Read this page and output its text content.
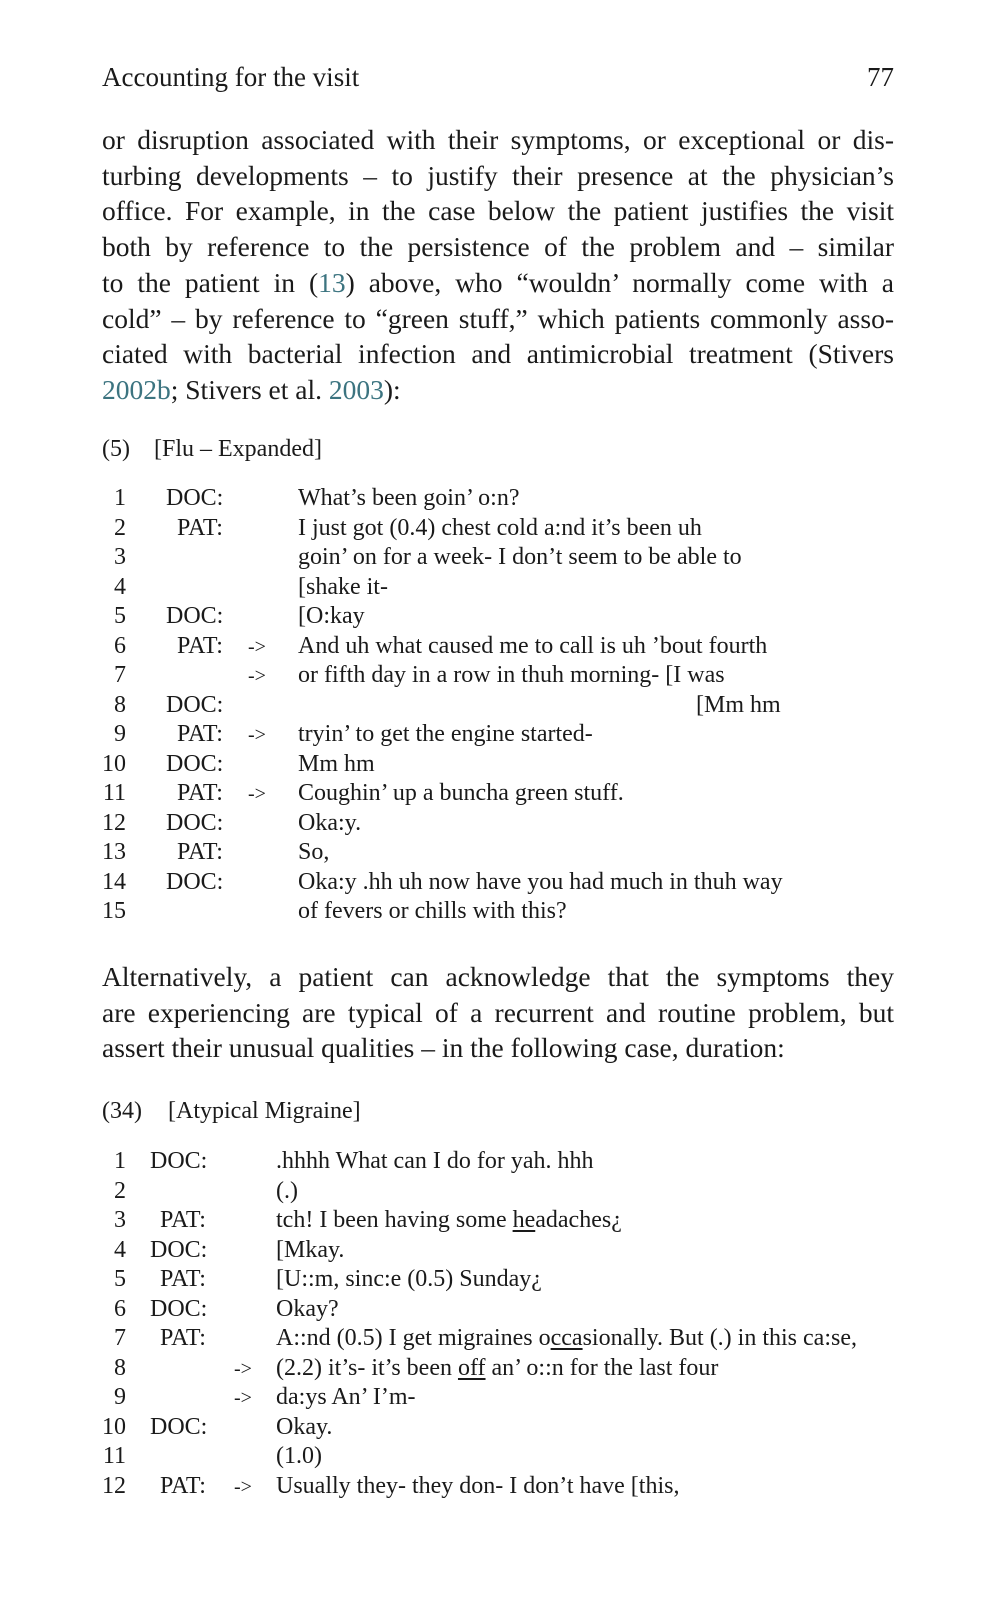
Accounting for the visit	77
or disruption associated with their symptoms, or exceptional or dis-
turbing developments – to justify their presence at the physician’s
office. For example, in the case below the patient justifies the visit
both by reference to the persistence of the problem and – similar
to the patient in (13) above, who “wouldn’ normally come with a
cold” – by reference to “green stuff,” which patients commonly asso-
ciated with bacterial infection and antimicrobial treatment (Stivers
2002b; Stivers et al. 2003):
(5) [Flu – Expanded]
1 DOC:	What’s been goin’ o:n?
2 PAT:	I just got (0.4) chest cold a:nd it’s been uh
3	goin’ on for a week- I don’t seem to be able to
4	[shake it-
5 DOC:	[O:kay
6 PAT: -> And uh what caused me to call is uh ’bout fourth
7	-> or fifth day in a row in thuh morning- [I was
8 DOC:	[Mm hm
9 PAT: -> tryin’ to get the engine started-
10 DOC:	Mm hm
11 PAT: -> Coughin’ up a buncha green stuff.
12 DOC:	Oka:y.
13 PAT:	So,
14 DOC:	Oka:y .hh uh now have you had much in thuh way
15	of fevers or chills with this?
Alternatively, a patient can acknowledge that the symptoms they
are experiencing are typical of a recurrent and routine problem, but
assert their unusual qualities – in the following case, duration:
(34) [Atypical Migraine]
1 DOC:	.hhhh What can I do for yah. hhh
2	(.)
3 PAT:	tch! I been having some headaches¿
4 DOC:	[Mkay.
5 PAT:	[U::m, sinc:e (0.5) Sunday¿
6 DOC:	Okay?
7 PAT:	A::nd (0.5) I get migraines occasionally. But (.) in this ca:se,
8	-> (2.2) it’s- it’s been off an’ o::n for the last four
9	-> da:ys An’ I’m-
10 DOC:	Okay.
11	(1.0)
12 PAT: -> Usually they- they don- I don’t have [this,
